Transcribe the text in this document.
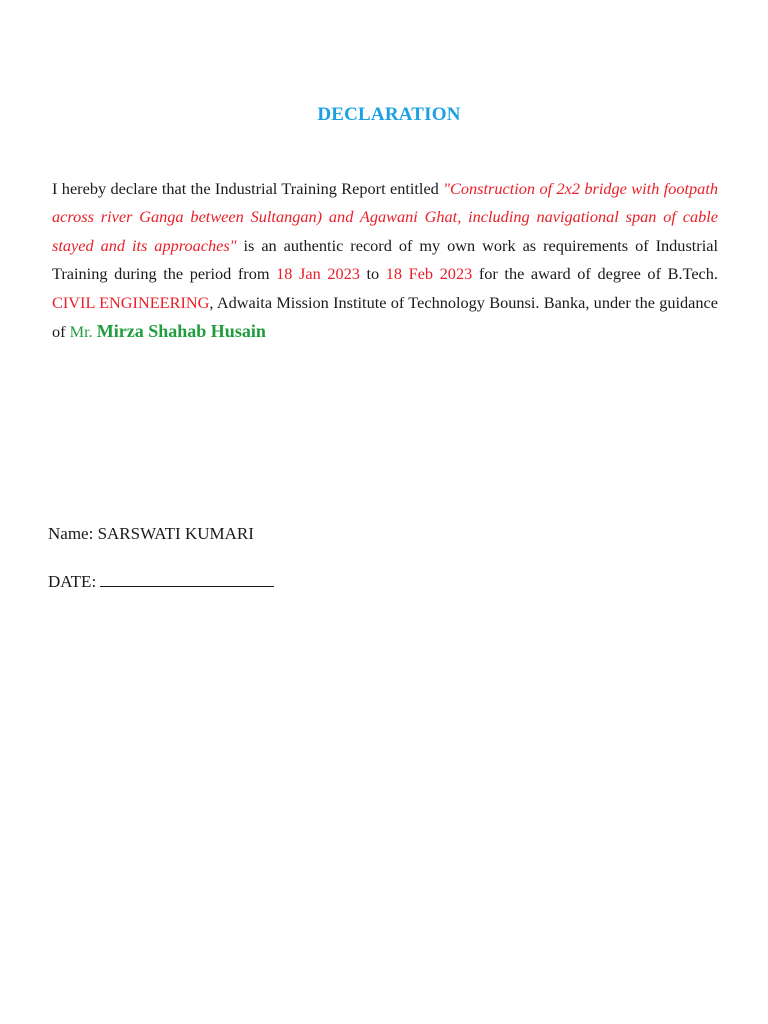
DECLARATION
I hereby declare that the Industrial Training Report entitled "Construction of 2x2 bridge with footpath across river Ganga between Sultangan) and Agawani Ghat, including navigational span of cable stayed and its approaches" is an authentic record of my own work as requirements of Industrial Training during the period from 18 Jan 2023 to 18 Feb 2023 for the award of degree of B.Tech. CIVIL ENGINEERING, Adwaita Mission Institute of Technology Bounsi. Banka, under the guidance of Mr. Mirza Shahab Husain
Name: SARSWATI KUMARI
DATE:
